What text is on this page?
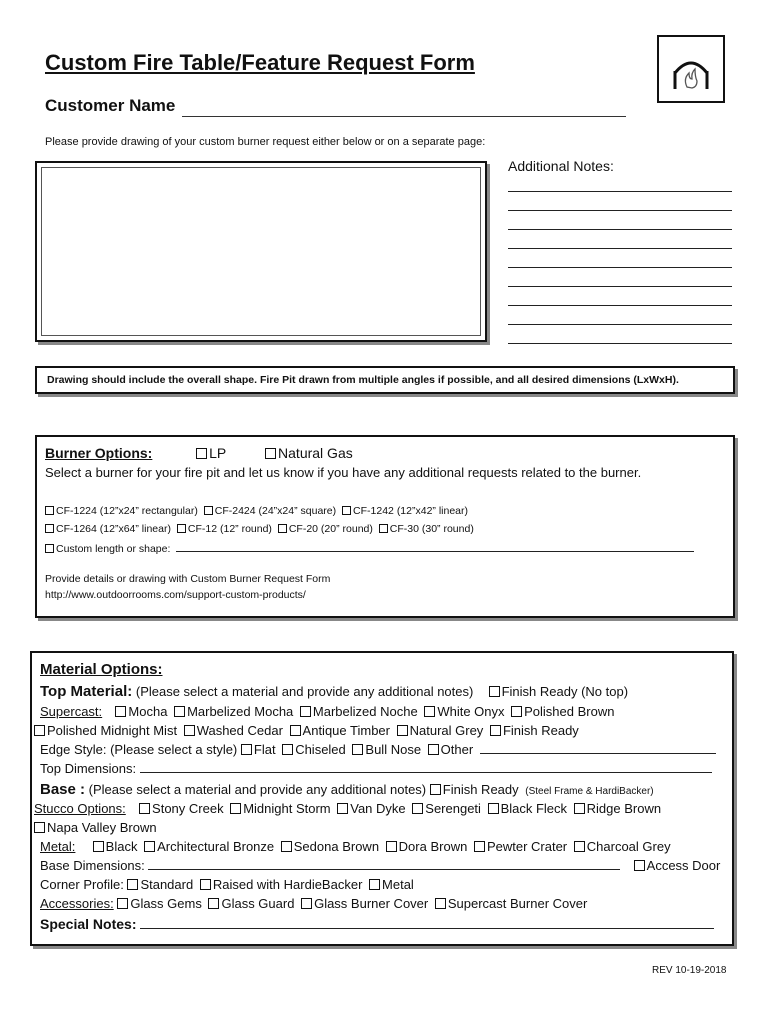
Custom Fire Table/Feature Request Form
Customer Name
Please provide drawing of your custom burner request either below or on a separate page:
Additional Notes:
Drawing should include the overall shape. Fire Pit drawn from multiple angles if possible, and all desired dimensions (LxWxH).
Burner Options:	LP	Natural Gas
Select a burner for your fire pit and let us know if you have any additional requests related to the burner.
CF-1224 (12”x24” rectangular) CF-2424 (24”x24” square) CF-1242 (12”x42” linear)
CF-1264 (12”x64” linear) CF-12 (12” round) CF-20 (20” round) CF-30 (30” round)
Custom length or shape:
Provide details or drawing with Custom Burner Request Form
http://www.outdoorrooms.com/support-custom-products/
Material Options:
Top Material: (Please select a material and provide any additional notes) Finish Ready (No top)
Supercast: Mocha Marbelized Mocha Marbelized Noche White Onyx Polished Brown
Polished Midnight Mist Washed Cedar Antique Timber Natural Grey Finish Ready
Edge Style: (Please select a style) Flat Chiseled Bull Nose Other
Top Dimensions:
Base : (Please select a material and provide any additional notes) Finish Ready (Steel Frame & HardiBacker)
Stucco Options: Stony Creek Midnight Storm Van Dyke Serengeti Black Fleck Ridge Brown
Napa Valley Brown
Metal: Black Architectural Bronze Sedona Brown Dora Brown Pewter Crater Charcoal Grey
Base Dimensions:	Access Door
Corner Profile: Standard Raised with HardieBacker Metal
Accessories: Glass Gems Glass Guard Glass Burner Cover Supercast Burner Cover
Special Notes:
REV 10-19-2018
